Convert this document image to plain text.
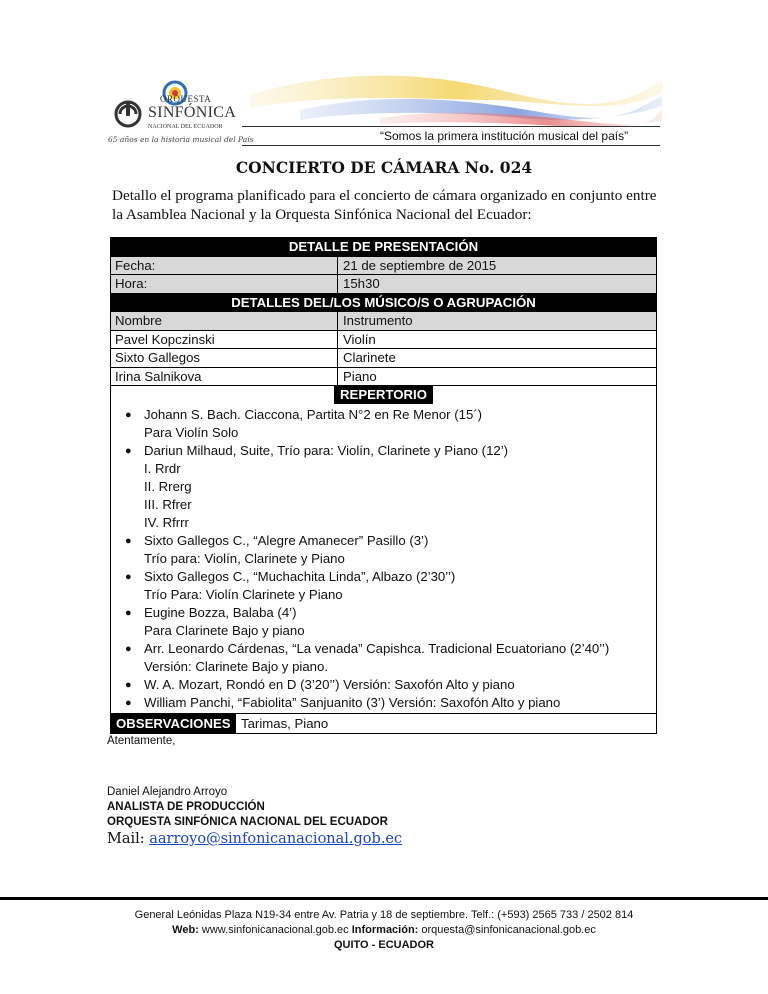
ORQUESTA
SINFÓNICA
NACIONAL DEL ECUADOR
65 años en la historia musical del País	“Somos la primera institución musical del país”
CONCIERTO DE CÁMARA No. 024
Detallo el programa planificado para el concierto de cámara organizado en conjunto entre la Asamblea Nacional y la Orquesta Sinfónica Nacional del Ecuador:
DETALLE DE PRESENTACIÓN
Fecha:	21 de septiembre de 2015
Hora:	15h30
DETALLES DEL/LOS MÚSICO/S O AGRUPACIÓN
Nombre	Instrumento
Pavel Kopczinski	Violín
Sixto Gallegos	Clarinete
Irina Salnikova	Piano
REPERTORIO
● Johann S. Bach. Ciaccona, Partita N°2 en Re Menor (15´)
Para Violín Solo
● Dariun Milhaud, Suite, Trío para: Violín, Clarinete y Piano (12’)
I. Rrdr
II. Rrerg
III. Rfrer
IV. Rfrrr
● Sixto Gallegos C., “Alegre Amanecer” Pasillo (3’)
Trío para: Violín, Clarinete y Piano
● Sixto Gallegos C., “Muchachita Linda”, Albazo (2’30’’)
Trío Para: Violín Clarinete y Piano
● Eugine Bozza, Balaba (4’)
Para Clarinete Bajo y piano
● Arr. Leonardo Cárdenas, “La venada” Capishca. Tradicional Ecuatoriano (2’40’’)
Versión: Clarinete Bajo y piano.
● W. A. Mozart, Rondó en D (3’20’’) Versión: Saxofón Alto y piano
● William Panchi, “Fabiolita” Sanjuanito (3’) Versión: Saxofón Alto y piano
OBSERVACIONES Tarimas, Piano
Atentamente,
Daniel Alejandro Arroyo
ANALISTA DE PRODUCCIÓN
ORQUESTA SINFÓNICA NACIONAL DEL ECUADOR
Mail: aarroyo@sinfonicanacional.gob.ec
General Leónidas Plaza N19-34 entre Av. Patria y 18 de septiembre. Telf.: (+593) 2565 733 / 2502 814
Web: www.sinfonicanacional.gob.ec Información: orquesta@sinfonicanacional.gob.ec
QUITO - ECUADOR
